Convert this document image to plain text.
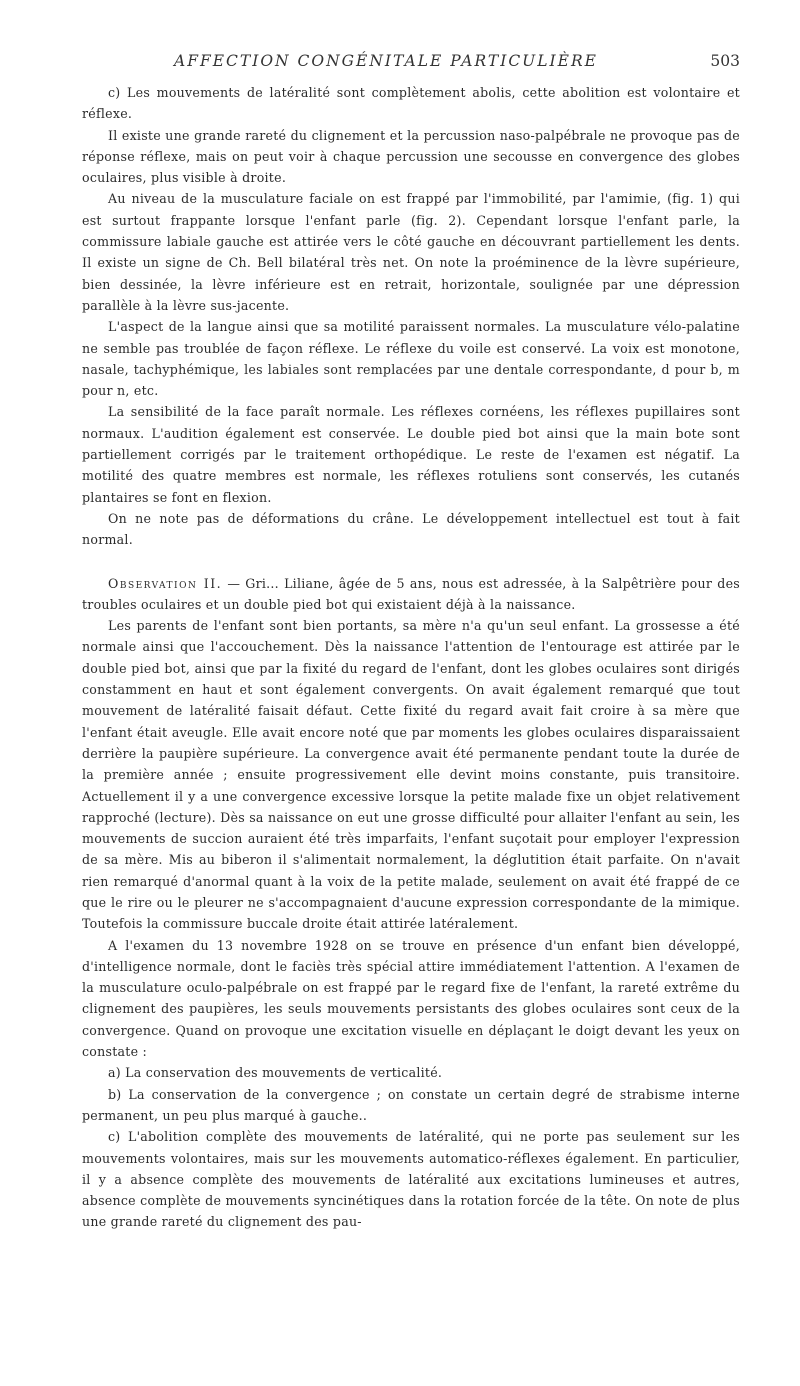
AFFECTION CONGÉNITALE PARTICULIÈRE	503

c) Les mouvements de latéralité sont complètement abolis, cette abolition est volontaire et réflexe.

Il existe une grande rareté du clignement et la percussion naso-palpébrale ne provoque pas de réponse réflexe, mais on peut voir à chaque percussion une secousse en convergence des globes oculaires, plus visible à droite.

Au niveau de la musculature faciale on est frappé par l'immobilité, par l'amimie, (fig. 1) qui est surtout frappante lorsque l'enfant parle (fig. 2). Cependant lorsque l'enfant parle, la commissure labiale gauche est attirée vers le côté gauche en découvrant partiellement les dents. Il existe un signe de Ch. Bell bilatéral très net. On note la proéminence de la lèvre supérieure, bien dessinée, la lèvre inférieure est en retrait, horizontale, soulignée par une dépression parallèle à la lèvre sus-jacente.

L'aspect de la langue ainsi que sa motilité paraissent normales. La musculature vélo-palatine ne semble pas troublée de façon réflexe. Le réflexe du voile est conservé. La voix est monotone, nasale, tachyphémique, les labiales sont remplacées par une dentale correspondante, d pour b, m pour n, etc.

La sensibilité de la face paraît normale. Les réflexes cornéens, les réflexes pupillaires sont normaux. L'audition également est conservée. Le double pied bot ainsi que la main bote sont partiellement corrigés par le traitement orthopédique. Le reste de l'examen est négatif. La motilité des quatre membres est normale, les réflexes rotuliens sont conservés, les cutanés plantaires se font en flexion.

On ne note pas de déformations du crâne. Le développement intellectuel est tout à fait normal.

Observation II. — Gri... Liliane, âgée de 5 ans, nous est adressée, à la Salpêtrière pour des troubles oculaires et un double pied bot qui existaient déjà à la naissance.

Les parents de l'enfant sont bien portants, sa mère n'a qu'un seul enfant. La grossesse a été normale ainsi que l'accouchement. Dès la naissance l'attention de l'entourage est attirée par le double pied bot, ainsi que par la fixité du regard de l'enfant, dont les globes oculaires sont dirigés constamment en haut et sont également convergents. On avait également remarqué que tout mouvement de latéralité faisait défaut. Cette fixité du regard avait fait croire à sa mère que l'enfant était aveugle. Elle avait encore noté que par moments les globes oculaires disparaissaient derrière la paupière supérieure. La convergence avait été permanente pendant toute la durée de la première année ; ensuite progressivement elle devint moins constante, puis transitoire. Actuellement il y a une convergence excessive lorsque la petite malade fixe un objet relativement rapproché (lecture). Dès sa naissance on eut une grosse difficulté pour allaiter l'enfant au sein, les mouvements de succion auraient été très imparfaits, l'enfant suçotait pour employer l'expression de sa mère. Mis au biberon il s'alimentait normalement, la déglutition était parfaite. On n'avait rien remarqué d'anormal quant à la voix de la petite malade, seulement on avait été frappé de ce que le rire ou le pleurer ne s'accompagnaient d'aucune expression correspondante de la mimique. Toutefois la commissure buccale droite était attirée latéralement.

A l'examen du 13 novembre 1928 on se trouve en présence d'un enfant bien développé, d'intelligence normale, dont le faciès très spécial attire immédiatement l'attention. A l'examen de la musculature oculo-palpébrale on est frappé par le regard fixe de l'enfant, la rareté extrême du clignement des paupières, les seuls mouvements persistants des globes oculaires sont ceux de la convergence. Quand on provoque une excitation visuelle en déplaçant le doigt devant les yeux on constate :

a) La conservation des mouvements de verticalité.

b) La conservation de la convergence ; on constate un certain degré de strabisme interne permanent, un peu plus marqué à gauche..

c) L'abolition complète des mouvements de latéralité, qui ne porte pas seulement sur les mouvements volontaires, mais sur les mouvements automatico-réflexes également. En particulier, il y a absence complète des mouvements de latéralité aux excitations lumineuses et autres, absence complète de mouvements syncinétiques dans la rotation forcée de la tête. On note de plus une grande rareté du clignement des pau-
